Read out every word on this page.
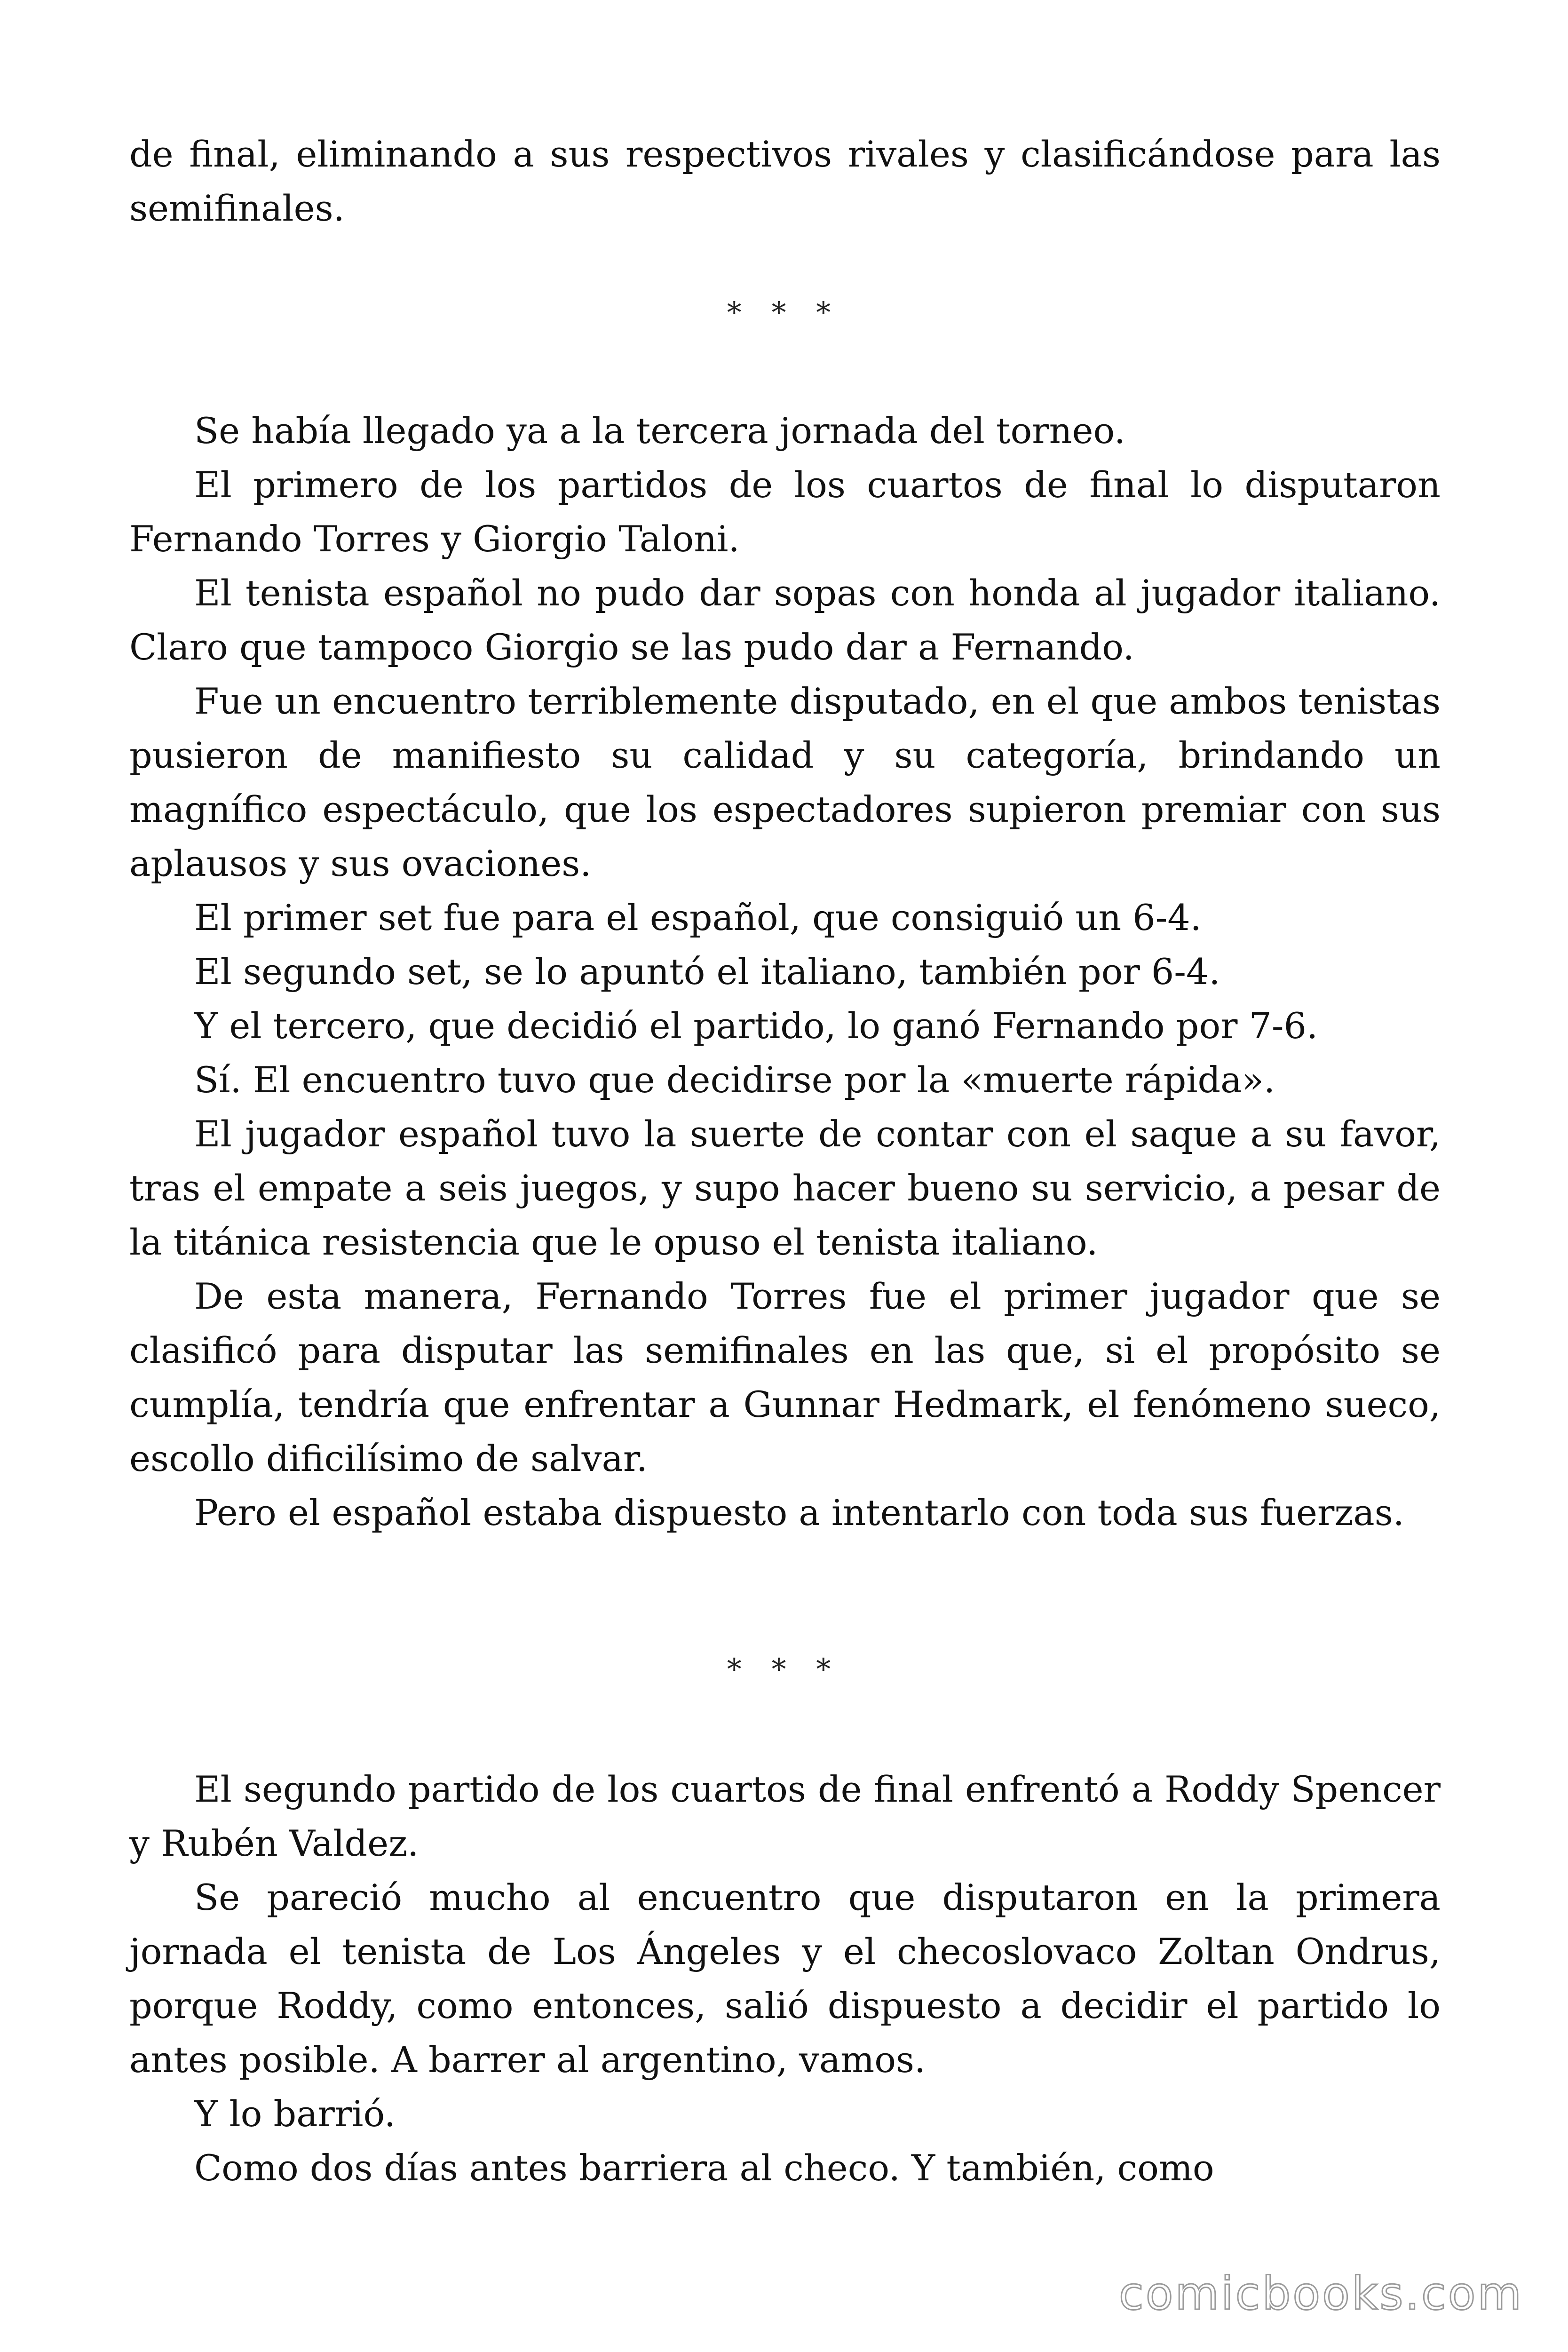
de final, eliminando a sus respectivos rivales y clasificándose para las semifinales.

* * *

Se había llegado ya a la tercera jornada del torneo.

El primero de los partidos de los cuartos de final lo disputaron Fernando Torres y Giorgio Taloni.

El tenista español no pudo dar sopas con honda al jugador italiano. Claro que tampoco Giorgio se las pudo dar a Fernando.

Fue un encuentro terriblemente disputado, en el que ambos tenistas pusieron de manifiesto su calidad y su categoría, brindando un magnífico espectáculo, que los espectadores supieron premiar con sus aplausos y sus ovaciones.

El primer set fue para el español, que consiguió un 6-4.

El segundo set, se lo apuntó el italiano, también por 6-4.

Y el tercero, que decidió el partido, lo ganó Fernando por 7-6.

Sí. El encuentro tuvo que decidirse por la «muerte rápida».

El jugador español tuvo la suerte de contar con el saque a su favor, tras el empate a seis juegos, y supo hacer bueno su servicio, a pesar de la titánica resistencia que le opuso el tenista italiano.

De esta manera, Fernando Torres fue el primer jugador que se clasificó para disputar las semifinales en las que, si el propósito se cumplía, tendría que enfrentar a Gunnar Hedmark, el fenómeno sueco, escollo dificilísimo de salvar.

Pero el español estaba dispuesto a intentarlo con toda sus fuerzas.

* * *

El segundo partido de los cuartos de final enfrentó a Roddy Spencer y Rubén Valdez.

Se pareció mucho al encuentro que disputaron en la primera jornada el tenista de Los Ángeles y el checoslovaco Zoltan Ondrus, porque Roddy, como entonces, salió dispuesto a decidir el partido lo antes posible. A barrer al argentino, vamos.

Y lo barrió.

Como dos días antes barriera al checo. Y también, como

comicbooks.com
